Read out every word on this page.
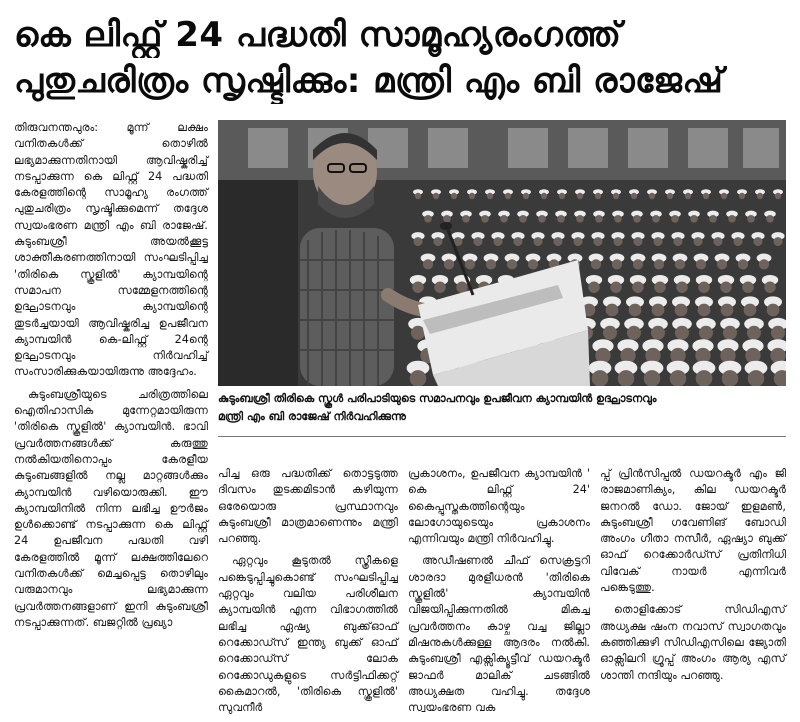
കെ ലിഫ്റ്റ് 24 പദ്ധതി സാമൂഹ്യരംഗത്ത്
പുതുചരിത്രം സൃഷ്ടിക്കും: മന്ത്രി എം ബി രാജേഷ്

തിരുവനന്തപുരം: മൂന്ന് ലക്ഷം വനിതകൾക്ക് തൊഴിൽ ലഭ്യമാക്കുന്നതിനായി ആവിഷ്കരിച്ച് നടപ്പാക്കുന്ന കെ ലിഫ്റ്റ് 24 പദ്ധതി കേരളത്തിന്റെ സാമൂഹ്യ രംഗത്ത് പുതുചരിത്രം സൃഷ്ടിക്കുമെന്ന് തദ്ദേശ സ്വയംഭരണ മന്ത്രി എം ബി രാജേഷ്. കുടുംബശ്രീ അയൽക്കൂട്ട ശാക്തീകരണത്തിനായി സംഘടിപ്പിച്ച 'തിരികെ സ്കൂളിൽ' ക്യാമ്പയിന്റെ സമാപന സമ്മേളനത്തിന്റെ ഉദ്ഘാടനവും ക്യാമ്പയിന്റെ തുടർച്ചയായി ആവിഷ്കരിച്ച ഉപജീവന ക്യാമ്പയിൻ കെ-ലിഫ്റ്റ് 24ന്റെ ഉദ്ഘാടനവും നിർവഹിച്ച് സംസാരിക്കുകയായിരുന്നു അദ്ദേഹം.

കുടുംബശ്രീയുടെ ചരിത്രത്തിലെ ഐതിഹാസിക മുന്നേറ്റമായിരുന്ന 'തിരികെ സ്കൂളിൽ' ക്യാമ്പയിൻ. ഭാവി പ്രവർത്തനങ്ങൾക്ക് കരുത്തു നൽകിയതിനൊപ്പം കേരളീയ കുടുംബങ്ങളിൽ നല്ല മാറ്റങ്ങൾക്കും ക്യാമ്പയിൻ വഴിയൊരുക്കി. ഈ ക്യാമ്പയിനിൽ നിന്ന ലഭിച്ച ഊർജം ഉൾക്കൊണ്ട് നടപ്പാക്കുന്ന കെ ലിഫ്റ്റ് 24 ഉപജീവന പദ്ധതി വഴി കേരളത്തിൽ മൂന്ന് ലക്ഷത്തിലേറെ വനിതകൾക്ക് മെച്ചപ്പെട്ട തൊഴിലും വരുമാനവും ലഭ്യമാക്കുന്ന പ്രവർത്തനങ്ങളാണ് ഇനി കുടുംബശ്രീ നടപ്പാക്കുന്നത്. ബജറ്റിൽ പ്രഖ്യാ

കുടുംബശ്രീ തിരികെ സ്കൂൾ പരിപാടിയുടെ സമാപനവും ഉപജീവന ക്യാമ്പയിൻ ഉദ്ഘാടനവും
മന്ത്രി എം ബി രാജേഷ് നിർവഹിക്കുന്നു

പിച്ച ഒരു പദ്ധതിക്ക് തൊട്ടടുത്ത ദിവസം തുടക്കമിടാൻ കഴിയുന്ന ഒരേയൊരു പ്രസ്ഥാനവും കുടുംബശ്രീ മാത്രമാണെന്നും മന്ത്രി പറഞ്ഞു.

ഏറ്റവും കൂടുതൽ സ്ത്രീകളെ പങ്കെടുപ്പിച്ചുകൊണ്ട് സംഘടിപ്പിച്ച ഏറ്റവും വലിയ പരിശീലന ക്യാമ്പയിൻ എന്ന വിഭാഗത്തിൽ ലഭിച്ച ഏഷ്യ ബുക്ക്ഓഫ് റെക്കോഡ്സ് ഇന്ത്യ ബുക്ക് ഓഫ് റെക്കോഡ്സ് ലോക റെക്കോഡുകളുടെ സർട്ടിഫിക്കറ്റ് കൈമാറൽ, 'തിരികെ സ്കൂളിൽ' സുവനീർ

പ്രകാശനം, ഉപജീവന ക്യാമ്പയിൻ ' കെ ലിഫ്റ്റ് 24' കൈപ്പുസ്തകത്തിന്റെയും ലോഗോയുടെയും പ്രകാശനം എന്നിവയും മന്ത്രി നിർവഹിച്ചു.

അഡീഷണൽ ചീഫ് സെക്രട്ടറി ശാരദാ മുരളീധരൻ 'തിരികെ സ്കൂളിൽ' ക്യാമ്പയിൻ വിജയിപ്പിക്കുന്നതിൽ മികച്ച പ്രവർത്തനം കാഴ്ച വച്ച ജില്ലാ മിഷനുകൾക്കുള്ള ആദരം നൽകി. കുടുംബശ്രീ എക്സിക്യൂട്ടീവ് ഡയറക്ടർ ജാഫർ മാലിക് ചടങ്ങിൽ അധ്യക്ഷത വഹിച്ചു. തദ്ദേശ സ്വയംഭരണ വക

പ്പ് പ്രിൻസിപ്പൽ ഡയറക്ടർ എം ജി രാജമാണിക്യം, കില ഡയറക്ടർ ജനറൽ ഡോ. ജോയ് ഇളമൺ, കുടുംബശ്രീ ഗവേണിങ് ബോഡി അംഗം ഗീതാ നസീർ, ഏഷ്യാ ബുക്ക് ഓഫ് റെക്കോർഡ്സ് പ്രതിനിധി വിവേക് നായർ എന്നിവർ പങ്കെടുത്തു.

തൊളിക്കോട് സിഡിഎസ് അധ്യക്ഷ ഷംന നവാസ് സ്വാഗതവും കഞ്ഞിക്കുഴി സിഡിഎസിലെ ജ്യോതി ഓക്സിലറി ഗ്രൂപ്പ് അംഗം ആര്യ എസ് ശാന്തി നന്ദിയും പറഞ്ഞു.
